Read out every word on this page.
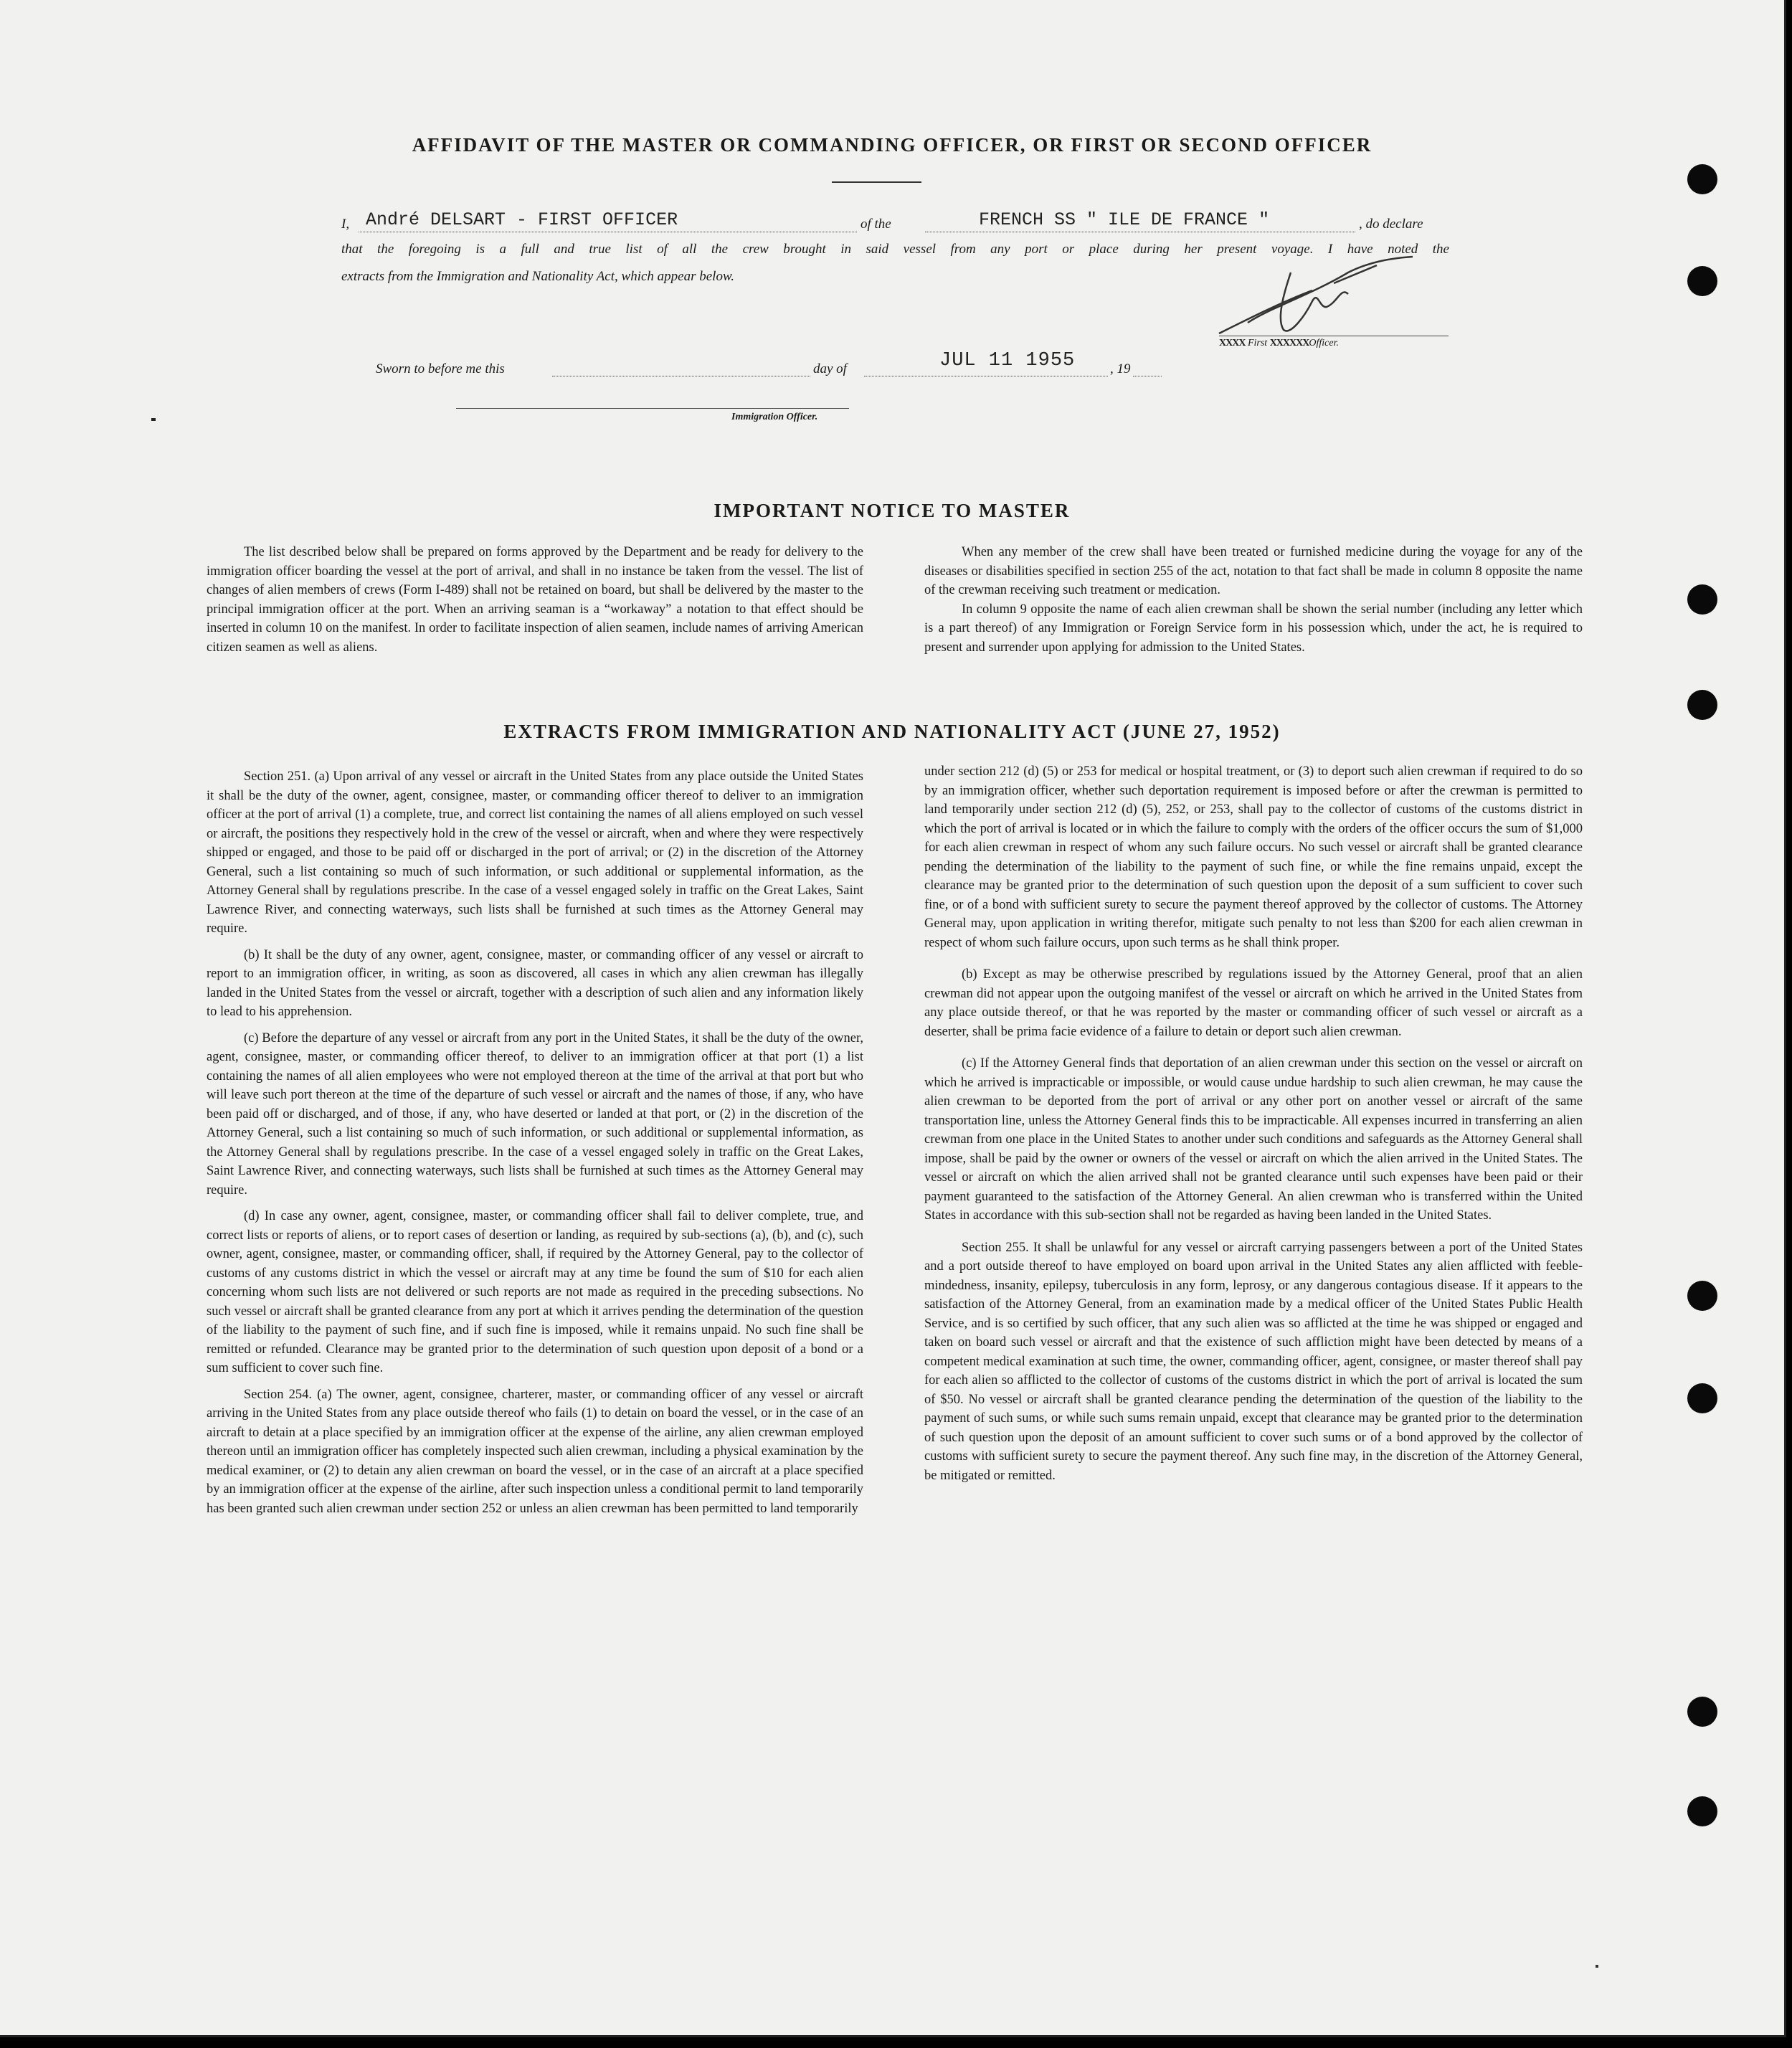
AFFIDAVIT OF THE MASTER OR COMMANDING OFFICER, OR FIRST OR SECOND OFFICER
I, André DELSART - FIRST OFFICER	of the	FRENCH SS " ILE DE FRANCE "	, do declare
that the foregoing is a full and true list of all the crew brought in said vessel from any port or place during her present voyage. I have noted the
extracts from the Immigration and Nationality Act, which appear below.
XXXX First XXXXXXOfficer.
Sworn to before me this	day of	JUL 11 1955	, 19
Immigration Officer.
IMPORTANT NOTICE TO MASTER

The list described below shall be prepared on forms approved by the Department and be ready for delivery to the immigration officer boarding the vessel at the port of arrival, and shall in no instance be taken from the vessel. The list of changes of alien members of crews (Form I-489) shall not be retained on board, but shall be delivered by the master to the principal immigration officer at the port. When an arriving seaman is a “workaway” a notation to that effect should be inserted in column 10 on the manifest. In order to facilitate inspection of alien seamen, include names of arriving American citizen seamen as well as aliens.

When any member of the crew shall have been treated or furnished medicine during the voyage for any of the diseases or disabilities specified in section 255 of the act, notation to that fact shall be made in column 8 opposite the name of the crewman receiving such treatment or medication.

In column 9 opposite the name of each alien crewman shall be shown the serial number (including any letter which is a part thereof) of any Immigration or Foreign Service form in his possession which, under the act, he is required to present and surrender upon applying for admission to the United States.

EXTRACTS FROM IMMIGRATION AND NATIONALITY ACT (JUNE 27, 1952)

Section 251. (a) Upon arrival of any vessel or aircraft in the United States from any place outside the United States it shall be the duty of the owner, agent, consignee, master, or commanding officer thereof to deliver to an immigration officer at the port of arrival (1) a complete, true, and correct list containing the names of all aliens employed on such vessel or aircraft, the positions they respectively hold in the crew of the vessel or aircraft, when and where they were respectively shipped or engaged, and those to be paid off or discharged in the port of arrival; or (2) in the discretion of the Attorney General, such a list containing so much of such information, or such additional or supplemental information, as the Attorney General shall by regulations prescribe. In the case of a vessel engaged solely in traffic on the Great Lakes, Saint Lawrence River, and connecting waterways, such lists shall be furnished at such times as the Attorney General may require.

(b) It shall be the duty of any owner, agent, consignee, master, or commanding officer of any vessel or aircraft to report to an immigration officer, in writing, as soon as discovered, all cases in which any alien crewman has illegally landed in the United States from the vessel or aircraft, together with a description of such alien and any information likely to lead to his apprehension.

(c) Before the departure of any vessel or aircraft from any port in the United States, it shall be the duty of the owner, agent, consignee, master, or commanding officer thereof, to deliver to an immigration officer at that port (1) a list containing the names of all alien employees who were not employed thereon at the time of the arrival at that port but who will leave such port thereon at the time of the departure of such vessel or aircraft and the names of those, if any, who have been paid off or discharged, and of those, if any, who have deserted or landed at that port, or (2) in the discretion of the Attorney General, such a list containing so much of such information, or such additional or supplemental information, as the Attorney General shall by regulations prescribe. In the case of a vessel engaged solely in traffic on the Great Lakes, Saint Lawrence River, and connecting waterways, such lists shall be furnished at such times as the Attorney General may require.

(d) In case any owner, agent, consignee, master, or commanding officer shall fail to deliver complete, true, and correct lists or reports of aliens, or to report cases of desertion or landing, as required by sub-sections (a), (b), and (c), such owner, agent, consignee, master, or commanding officer, shall, if required by the Attorney General, pay to the collector of customs of any customs district in which the vessel or aircraft may at any time be found the sum of $10 for each alien concerning whom such lists are not delivered or such reports are not made as required in the preceding subsections. No such vessel or aircraft shall be granted clearance from any port at which it arrives pending the determination of the question of the liability to the payment of such fine, and if such fine is imposed, while it remains unpaid. No such fine shall be remitted or refunded. Clearance may be granted prior to the determination of such question upon deposit of a bond or a sum sufficient to cover such fine.

Section 254. (a) The owner, agent, consignee, charterer, master, or commanding officer of any vessel or aircraft arriving in the United States from any place outside thereof who fails (1) to detain on board the vessel, or in the case of an aircraft to detain at a place specified by an immigration officer at the expense of the airline, any alien crewman employed thereon until an immigration officer has completely inspected such alien crewman, including a physical examination by the medical examiner, or (2) to detain any alien crewman on board the vessel, or in the case of an aircraft at a place specified by an immigration officer at the expense of the airline, after such inspection unless a conditional permit to land temporarily has been granted such alien crewman under section 252 or unless an alien crewman has been permitted to land temporarily

under section 212 (d) (5) or 253 for medical or hospital treatment, or (3) to deport such alien crewman if required to do so by an immigration officer, whether such deportation requirement is imposed before or after the crewman is permitted to land temporarily under section 212 (d) (5), 252, or 253, shall pay to the collector of customs of the customs district in which the port of arrival is located or in which the failure to comply with the orders of the officer occurs the sum of $1,000 for each alien crewman in respect of whom any such failure occurs. No such vessel or aircraft shall be granted clearance pending the determination of the liability to the payment of such fine, or while the fine remains unpaid, except the clearance may be granted prior to the determination of such question upon the deposit of a sum sufficient to cover such fine, or of a bond with sufficient surety to secure the payment thereof approved by the collector of customs. The Attorney General may, upon application in writing therefor, mitigate such penalty to not less than $200 for each alien crewman in respect of whom such failure occurs, upon such terms as he shall think proper.

(b) Except as may be otherwise prescribed by regulations issued by the Attorney General, proof that an alien crewman did not appear upon the outgoing manifest of the vessel or aircraft on which he arrived in the United States from any place outside thereof, or that he was reported by the master or commanding officer of such vessel or aircraft as a deserter, shall be prima facie evidence of a failure to detain or deport such alien crewman.

(c) If the Attorney General finds that deportation of an alien crewman under this section on the vessel or aircraft on which he arrived is impracticable or impossible, or would cause undue hardship to such alien crewman, he may cause the alien crewman to be deported from the port of arrival or any other port on another vessel or aircraft of the same transportation line, unless the Attorney General finds this to be impracticable. All expenses incurred in transferring an alien crewman from one place in the United States to another under such conditions and safeguards as the Attorney General shall impose, shall be paid by the owner or owners of the vessel or aircraft on which the alien arrived in the United States. The vessel or aircraft on which the alien arrived shall not be granted clearance until such expenses have been paid or their payment guaranteed to the satisfaction of the Attorney General. An alien crewman who is transferred within the United States in accordance with this sub-section shall not be regarded as having been landed in the United States.

Section 255. It shall be unlawful for any vessel or aircraft carrying passengers between a port of the United States and a port outside thereof to have employed on board upon arrival in the United States any alien afflicted with feeble-mindedness, insanity, epilepsy, tuberculosis in any form, leprosy, or any dangerous contagious disease. If it appears to the satisfaction of the Attorney General, from an examination made by a medical officer of the United States Public Health Service, and is so certified by such officer, that any such alien was so afflicted at the time he was shipped or engaged and taken on board such vessel or aircraft and that the existence of such affliction might have been detected by means of a competent medical examination at such time, the owner, commanding officer, agent, consignee, or master thereof shall pay for each alien so afflicted to the collector of customs of the customs district in which the port of arrival is located the sum of $50. No vessel or aircraft shall be granted clearance pending the determination of the question of the liability to the payment of such sums, or while such sums remain unpaid, except that clearance may be granted prior to the determination of such question upon the deposit of an amount sufficient to cover such sums or of a bond approved by the collector of customs with sufficient surety to secure the payment thereof. Any such fine may, in the discretion of the Attorney General, be mitigated or remitted.
